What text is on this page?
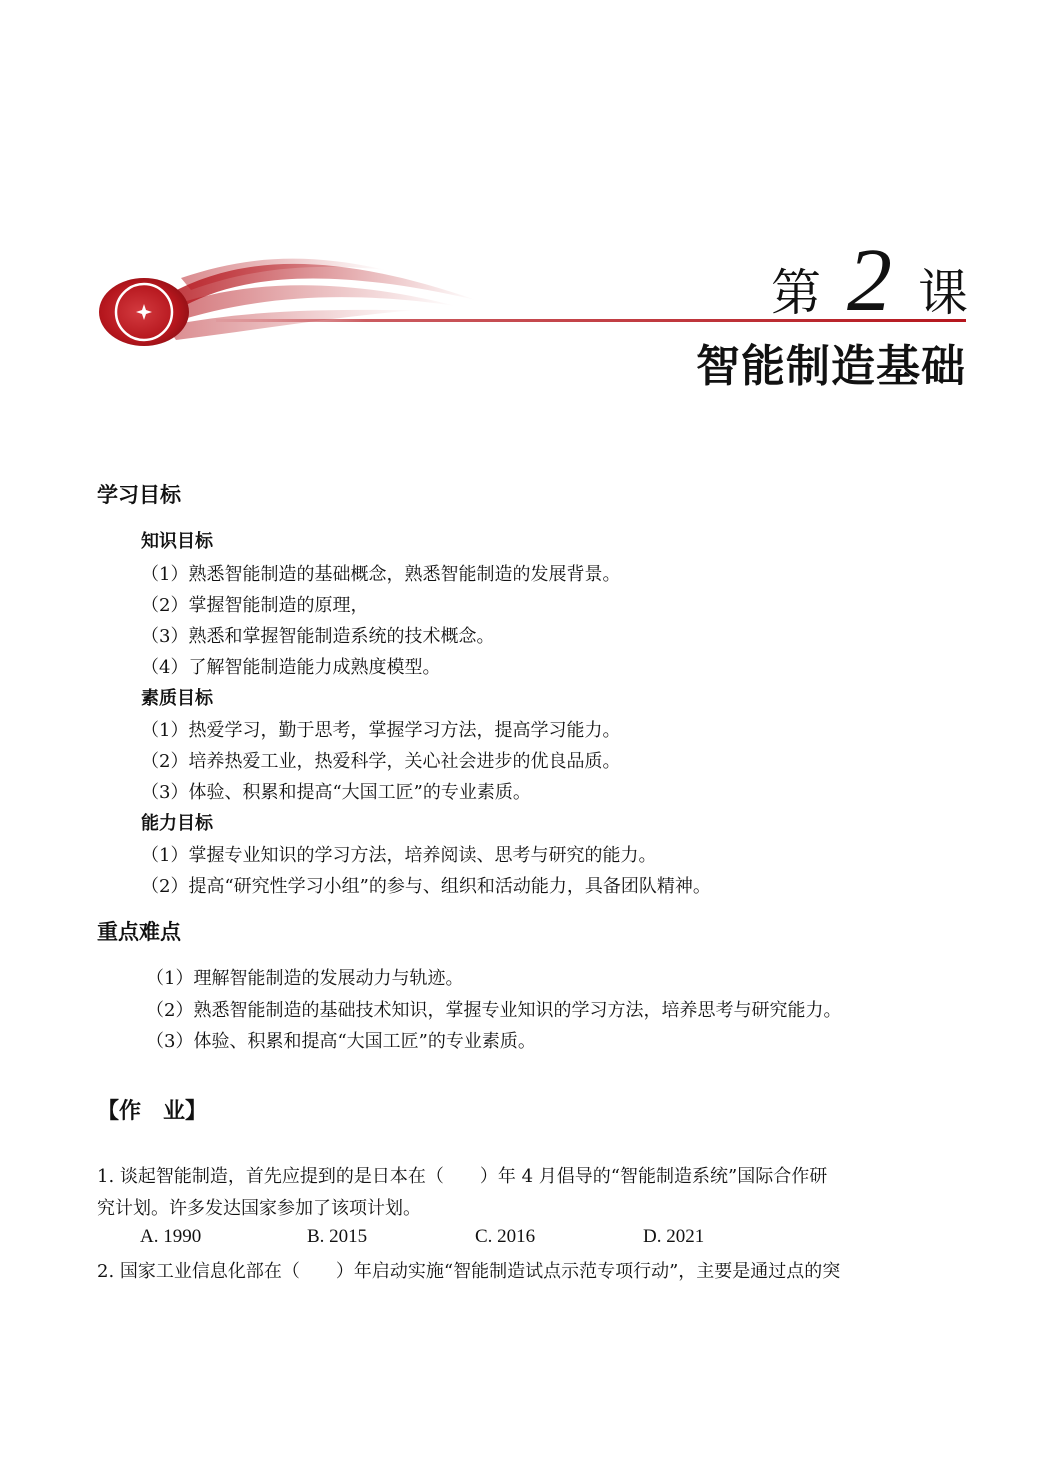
第 2 课
智能制造基础
学习目标
知识目标
（1）熟悉智能制造的基础概念，熟悉智能制造的发展背景。
（2）掌握智能制造的原理，
（3）熟悉和掌握智能制造系统的技术概念。
（4）了解智能制造能力成熟度模型。
素质目标
（1）热爱学习，勤于思考，掌握学习方法，提高学习能力。
（2）培养热爱工业，热爱科学，关心社会进步的优良品质。
（3）体验、积累和提高“大国工匠”的专业素质。
能力目标
（1）掌握专业知识的学习方法，培养阅读、思考与研究的能力。
（2）提高“研究性学习小组”的参与、组织和活动能力，具备团队精神。
重点难点
（1）理解智能制造的发展动力与轨迹。
（2）熟悉智能制造的基础技术知识，掌握专业知识的学习方法，培养思考与研究能力。
（3）体验、积累和提高“大国工匠”的专业素质。
【作　业】
1. 谈起智能制造，首先应提到的是日本在（　　）年 4 月倡导的“智能制造系统”国际合作研
究计划。许多发达国家参加了该项计划。
A. 1990	B. 2015	C. 2016	D. 2021
2. 国家工业信息化部在（　　）年启动实施“智能制造试点示范专项行动”，主要是通过点的突
